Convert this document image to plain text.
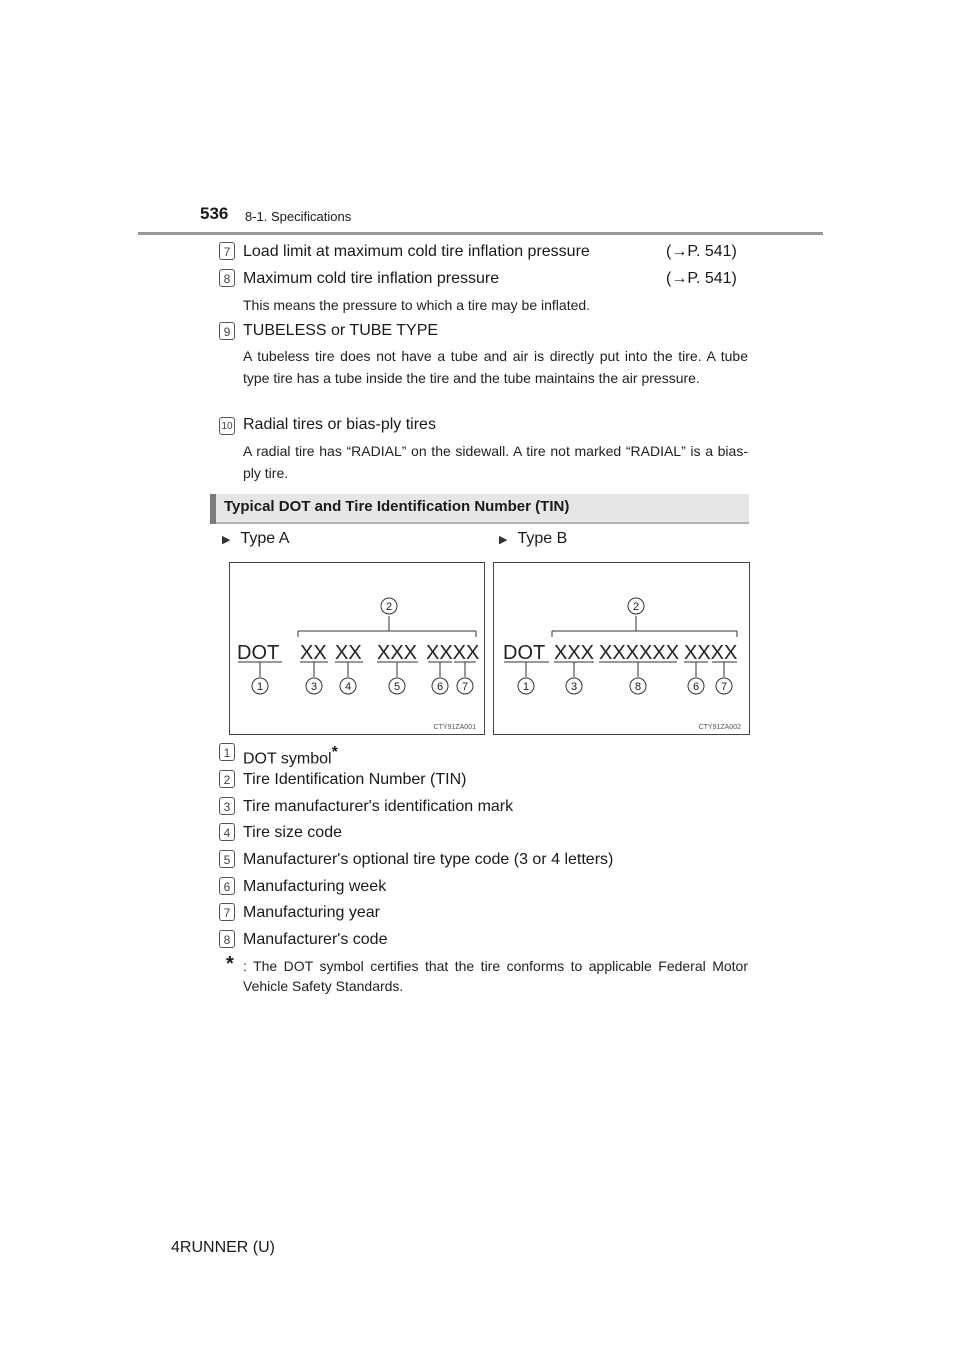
536 8-1. Specifications
7 Load limit at maximum cold tire inflation pressure	(→P. 541)
8 Maximum cold tire inflation pressure	(→P. 541)
This means the pressure to which a tire may be inflated.
9 TUBELESS or TUBE TYPE
A tubeless tire does not have a tube and air is directly put into the tire. A tube type tire has a tube inside the tire and the tube maintains the air pressure.
10 Radial tires or bias-ply tires
A radial tire has “RADIAL” on the sidewall. A tire not marked “RADIAL” is a bias-ply tire.
Typical DOT and Tire Identification Number (TIN)
▶ Type A	▶ Type B
2
DOT XX XX XXX XXXX
1	3	4	5	6 7
CTY91ZA001
2
DOT XXX XXXXXX XXXX
1	3	8	6 7
CTY91ZA002
1 DOT symbol*
2 Tire Identification Number (TIN)
3 Tire manufacturer's identification mark
4 Tire size code
5 Manufacturer's optional tire type code (3 or 4 letters)
6 Manufacturing week
7 Manufacturing year
8 Manufacturer's code
* : The DOT symbol certifies that the tire conforms to applicable Federal Motor Vehicle Safety Standards.
4RUNNER (U)
